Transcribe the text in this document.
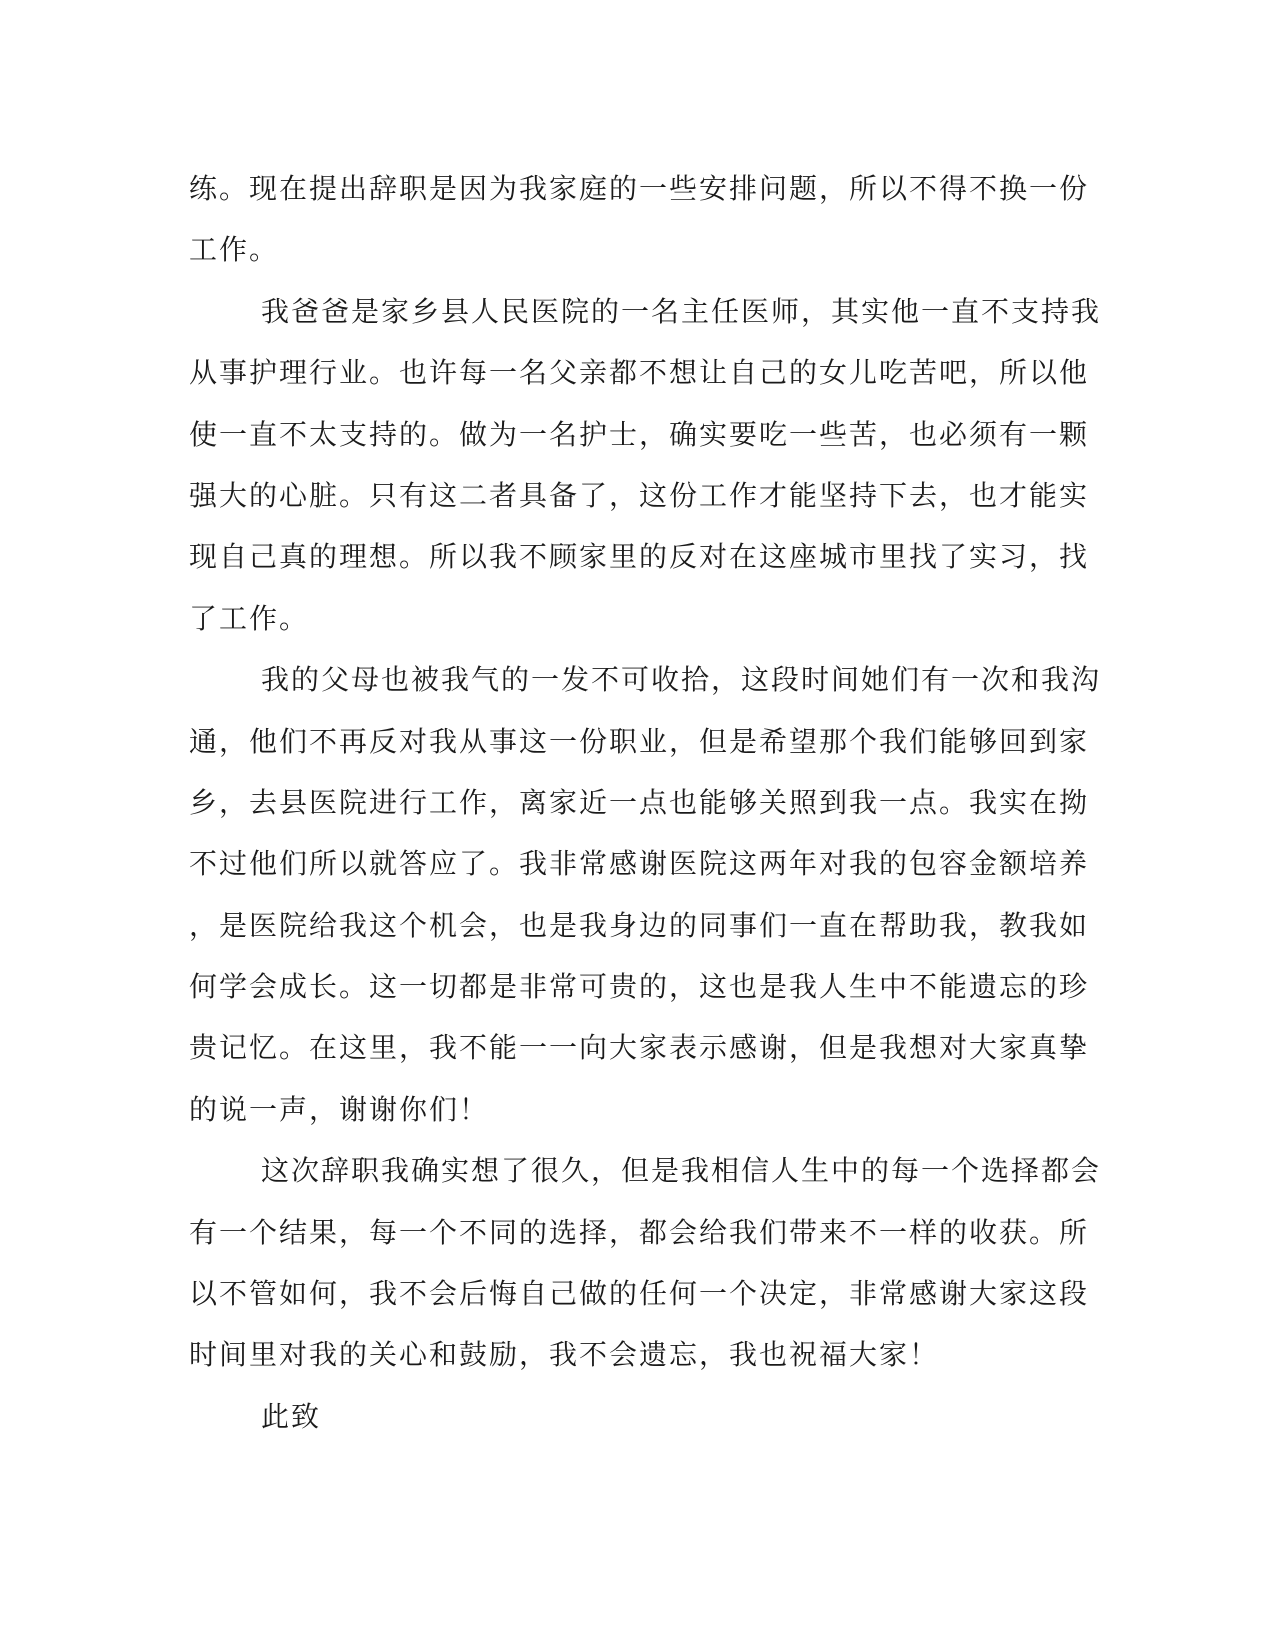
练。现在提出辞职是因为我家庭的一些安排问题，所以不得不换一份
工作。
我爸爸是家乡县人民医院的一名主任医师，其实他一直不支持我
从事护理行业。也许每一名父亲都不想让自己的女儿吃苦吧，所以他
使一直不太支持的。做为一名护士，确实要吃一些苦，也必须有一颗
强大的心脏。只有这二者具备了，这份工作才能坚持下去，也才能实
现自己真的理想。所以我不顾家里的反对在这座城市里找了实习，找
了工作。
我的父母也被我气的一发不可收拾，这段时间她们有一次和我沟
通，他们不再反对我从事这一份职业，但是希望那个我们能够回到家
乡，去县医院进行工作，离家近一点也能够关照到我一点。我实在拗
不过他们所以就答应了。我非常感谢医院这两年对我的包容金额培养
，是医院给我这个机会，也是我身边的同事们一直在帮助我，教我如
何学会成长。这一切都是非常可贵的，这也是我人生中不能遗忘的珍
贵记忆。在这里，我不能一一向大家表示感谢，但是我想对大家真挚
的说一声，谢谢你们！
这次辞职我确实想了很久，但是我相信人生中的每一个选择都会
有一个结果，每一个不同的选择，都会给我们带来不一样的收获。所
以不管如何，我不会后悔自己做的任何一个决定，非常感谢大家这段
时间里对我的关心和鼓励，我不会遗忘，我也祝福大家！
此致
